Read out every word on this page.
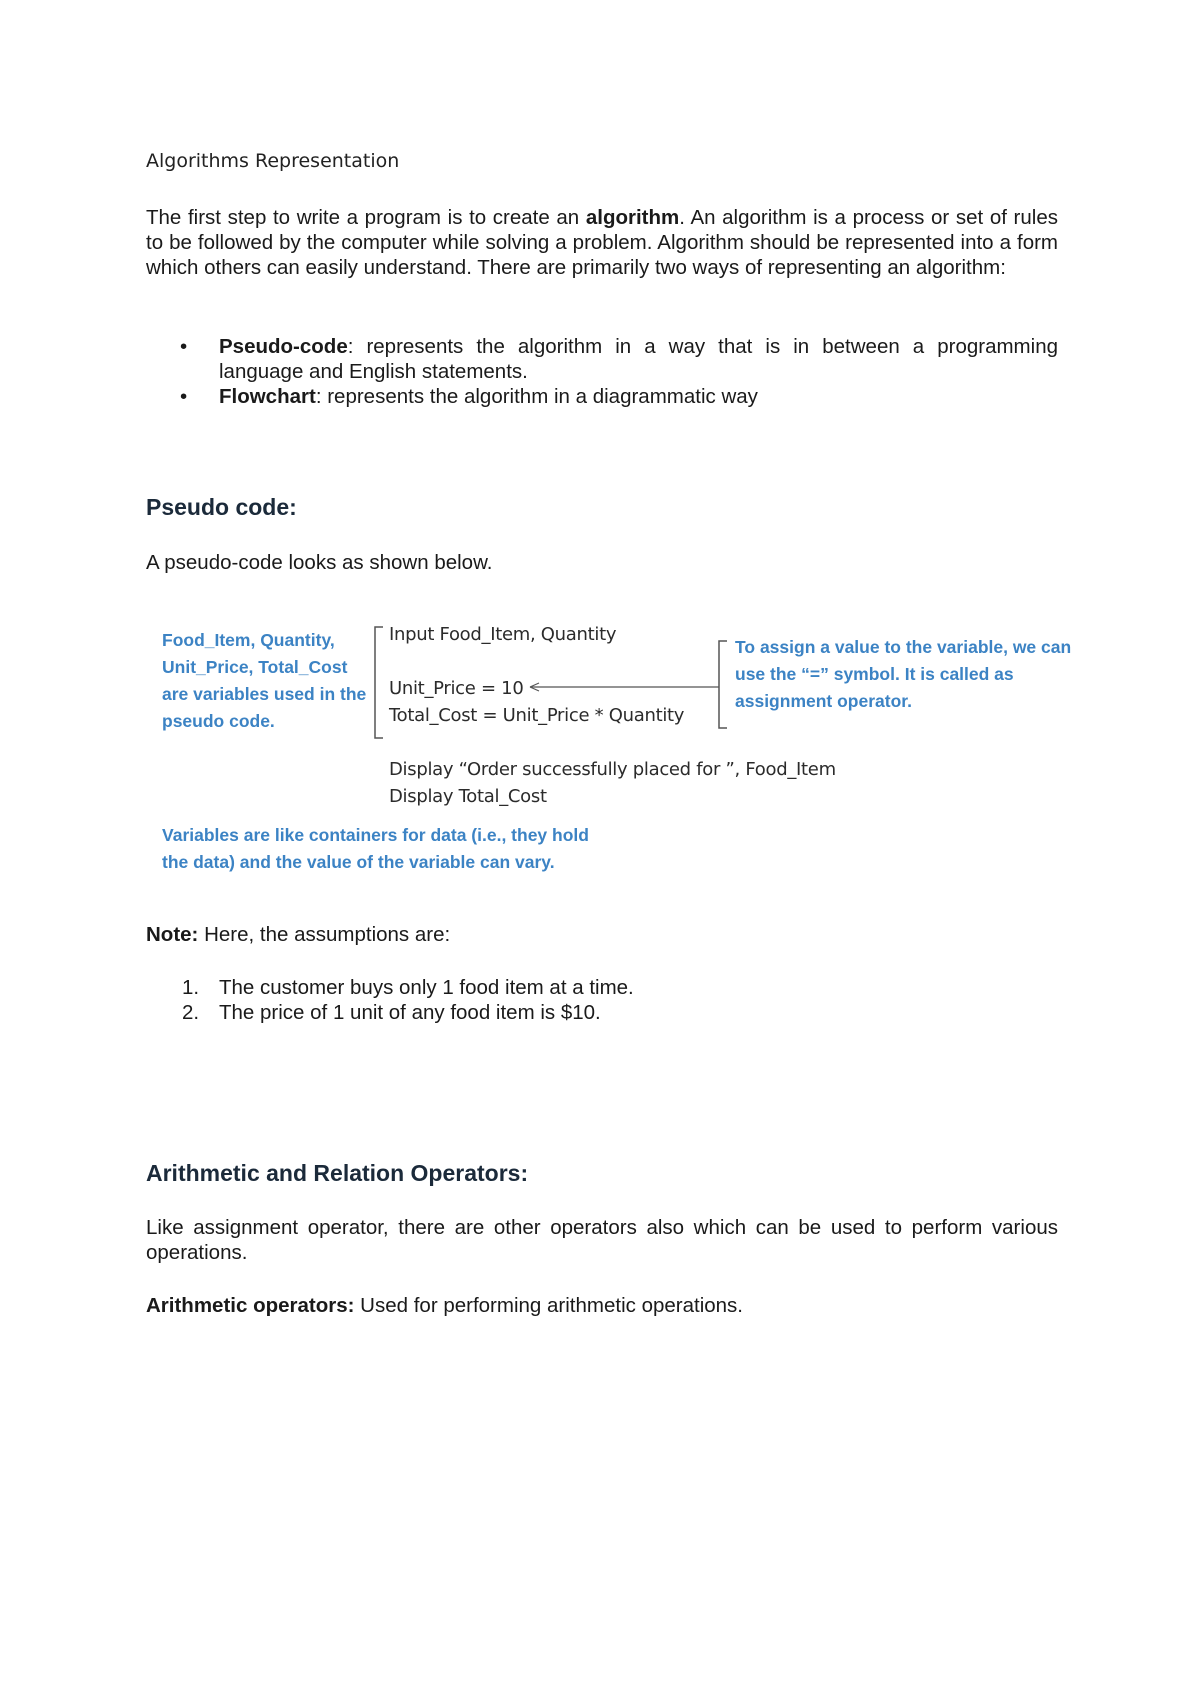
Algorithms Representation
The first step to write a program is to create an algorithm. An algorithm is a process or set of rules to be followed by the computer while solving a problem. Algorithm should be represented into a form which others can easily understand. There are primarily two ways of representing an algorithm:
• Pseudo-code: represents the algorithm in a way that is in between a programming language and English statements.
• Flowchart: represents the algorithm in a diagrammatic way
Pseudo code:
A pseudo-code looks as shown below.
Food_Item, Quantity,
Unit_Price, Total_Cost
are variables used in the
pseudo code.
Input Food_Item, Quantity
Unit_Price = 10
Total_Cost = Unit_Price * Quantity
Display “Order successfully placed for ”, Food_Item
Display Total_Cost
To assign a value to the variable, we can
use the “=” symbol. It is called as
assignment operator.
Variables are like containers for data (i.e., they hold
the data) and the value of the variable can vary.
Note: Here, the assumptions are:
1. The customer buys only 1 food item at a time.
2. The price of 1 unit of any food item is $10.
Arithmetic and Relation Operators:
Like assignment operator, there are other operators also which can be used to perform various operations.
Arithmetic operators: Used for performing arithmetic operations.
